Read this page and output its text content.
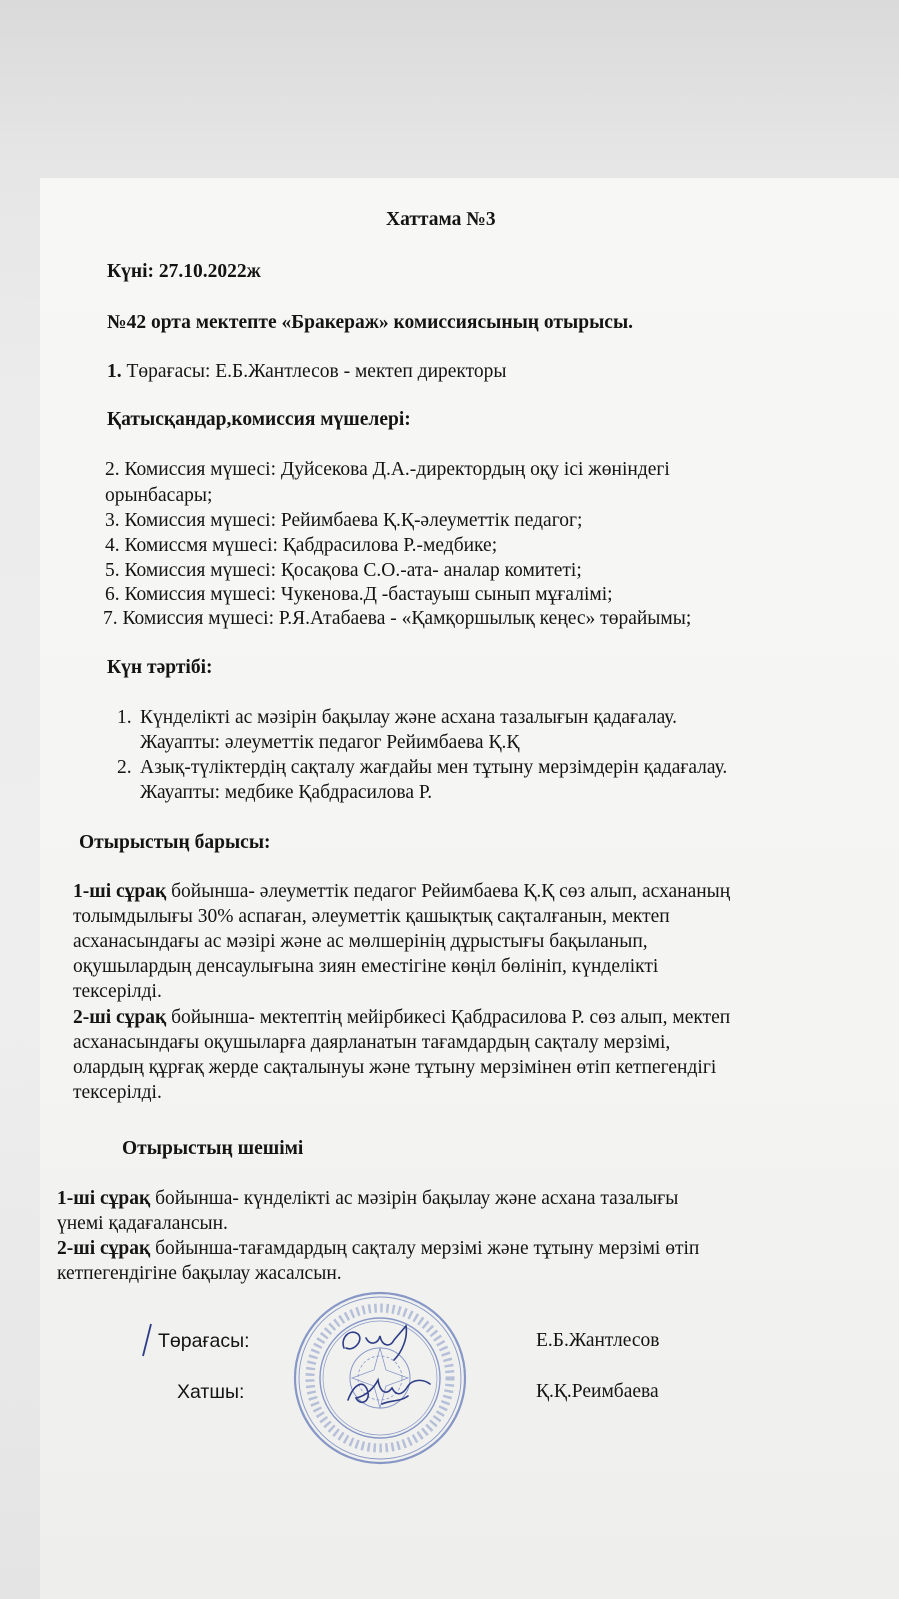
Хаттама №3
Күні: 27.10.2022ж
№42 орта мектепте «Бракераж» комиссиясының отырысы.
1. Төрағасы: Е.Б.Жантлесов - мектеп директоры
Қатысқандар,комиссия мүшелері:
2. Комиссия мүшесі: Дуйсекова Д.А.-директордың оқу ісі жөніндегі
орынбасары;
3. Комиссия мүшесі: Рейимбаева Қ.Қ-әлеуметтік педагог;
4. Комиссмя мүшесі: Қабдрасилова Р.-медбике;
5. Комиссия мүшесі: Қосақова С.О.-ата- аналар комитеті;
6. Комиссия мүшесі: Чукенова.Д -бастауыш сынып мұғалімі;
7. Комиссия мүшесі: Р.Я.Атабаева - «Қамқоршылық кеңес» төрайымы;
Күн тәртібі:
1. Күнделікті ас мәзірін бақылау және асхана тазалығын қадағалау.
Жауапты: әлеуметтік педагог Рейимбаева Қ.Қ
2. Азық-түліктердің сақталу жағдайы мен тұтыну мерзімдерін қадағалау.
Жауапты: медбике Қабдрасилова Р.
Отырыстың барысы:
1-ші сұрақ бойынша- әлеуметтік педагог Рейимбаева Қ.Қ сөз алып, асхананың
толымдылығы 30% аспаған, әлеуметтік қашықтық сақталғанын, мектеп
асханасындағы ас мәзірі және ас мөлшерінің дұрыстығы бақыланып,
оқушылардың денсаулығына зиян еместігіне көңіл бөлініп, күнделікті
тексерілді.
2-ші сұрақ бойынша- мектептің мейірбикесі Қабдрасилова Р. сөз алып, мектеп
асханасындағы оқушыларға даярланатын тағамдардың сақталу мерзімі,
олардың құрғақ жерде сақталынуы және тұтыну мерзімінен өтіп кетпегендігі
тексерілді.
Отырыстың шешімі
1-ші сұрақ бойынша- күнделікті ас мәзірін бақылау және асхана тазалығы
үнемі қадағалансын.
2-ші сұрақ бойынша-тағамдардың сақталу мерзімі және тұтыну мерзімі өтіп
кетпегендігіне бақылау жасалсын.
Төрағасы:	Е.Б.Жантлесов
Хатшы:	Қ.Қ.Реимбаева
